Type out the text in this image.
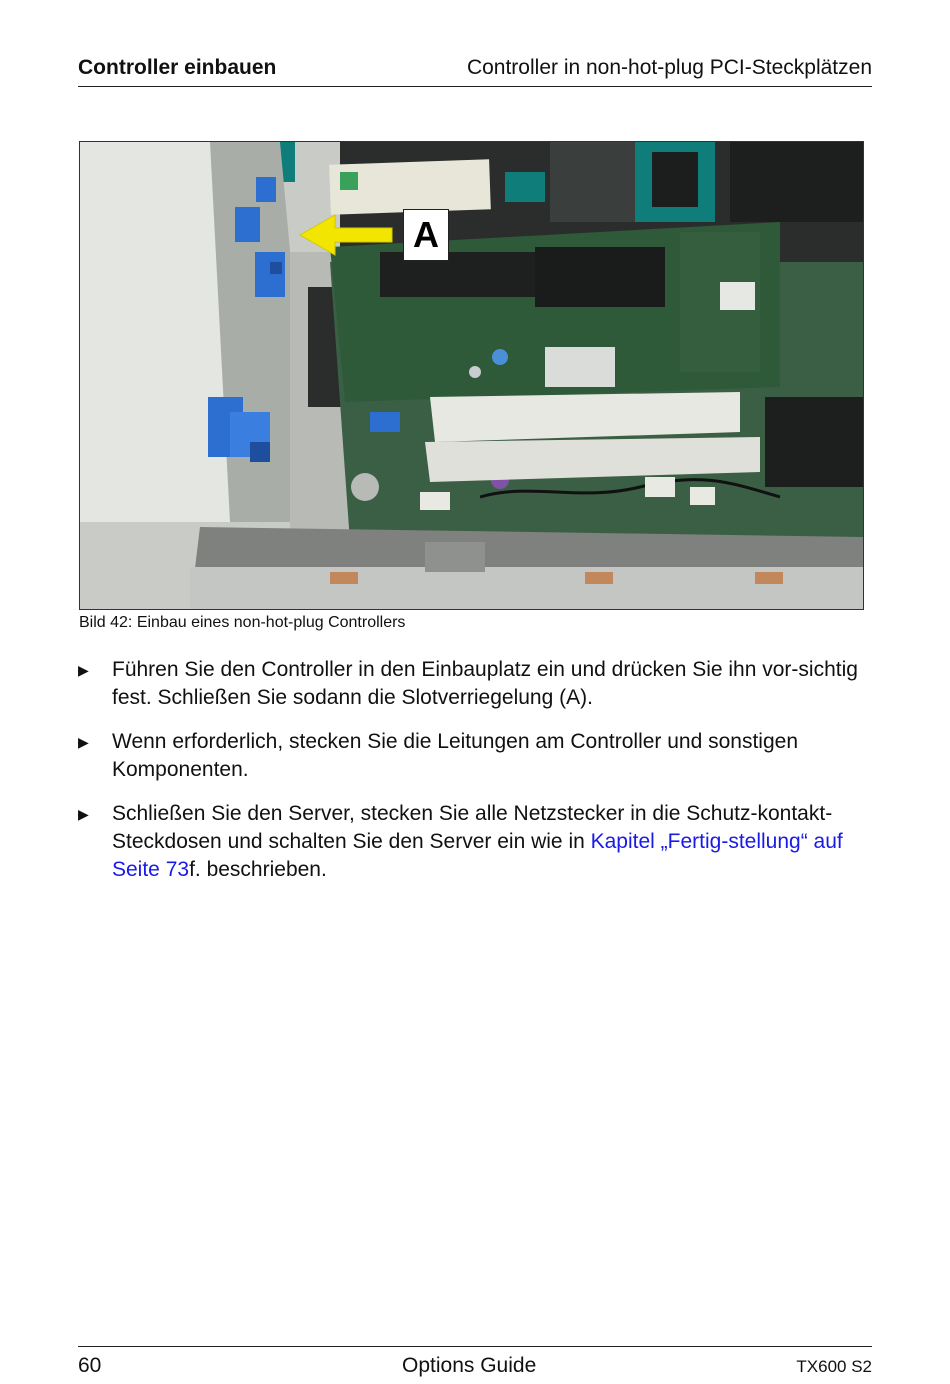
Controller einbauen	Controller in non-hot-plug PCI-Steckplätzen
A
Bild 42: Einbau eines non-hot-plug Controllers
▶ Führen Sie den Controller in den Einbauplatz ein und drücken Sie ihn vor-sichtig fest. Schließen Sie sodann die Slotverriegelung (A).
▶ Wenn erforderlich, stecken Sie die Leitungen am Controller und sonstigen Komponenten.
▶ Schließen Sie den Server, stecken Sie alle Netzstecker in die Schutz-kontakt-Steckdosen und schalten Sie den Server ein wie in Kapitel „Fertig-stellung“ auf Seite 73f. beschrieben.
60	Options Guide	TX600 S2
